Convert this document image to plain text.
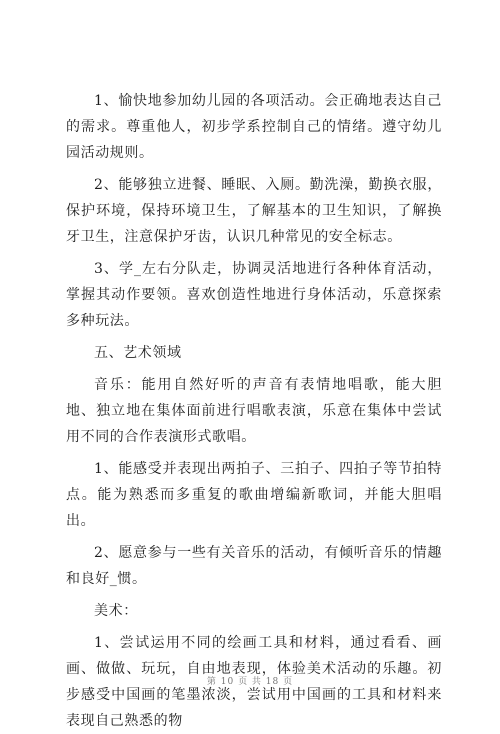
1、愉快地参加幼儿园的各项活动。会正确地表达自己的需求。尊重他人，初步学系控制自己的情绪。遵守幼儿园活动规则。

2、能够独立进餐、睡眠、入厕。勤洗澡，勤换衣服，保护环境，保持环境卫生，了解基本的卫生知识，了解换牙卫生，注意保护牙齿，认识几种常见的安全标志。

3、学_左右分队走，协调灵活地进行各种体育活动，掌握其动作要领。喜欢创造性地进行身体活动，乐意探索多种玩法。

五、艺术领域

音乐：能用自然好听的声音有表情地唱歌，能大胆地、独立地在集体面前进行唱歌表演，乐意在集体中尝试用不同的合作表演形式歌唱。

1、能感受并表现出两拍子、三拍子、四拍子等节拍特点。能为熟悉而多重复的歌曲增编新歌词，并能大胆唱出。

2、愿意参与一些有关音乐的活动，有倾听音乐的情趣和良好_惯。

美术：

1、尝试运用不同的绘画工具和材料，通过看看、画画、做做、玩玩，自由地表现，体验美术活动的乐趣。初步感受中国画的笔墨浓淡，尝试用中国画的工具和材料来表现自己熟悉的物

第 10 页 共 18 页
